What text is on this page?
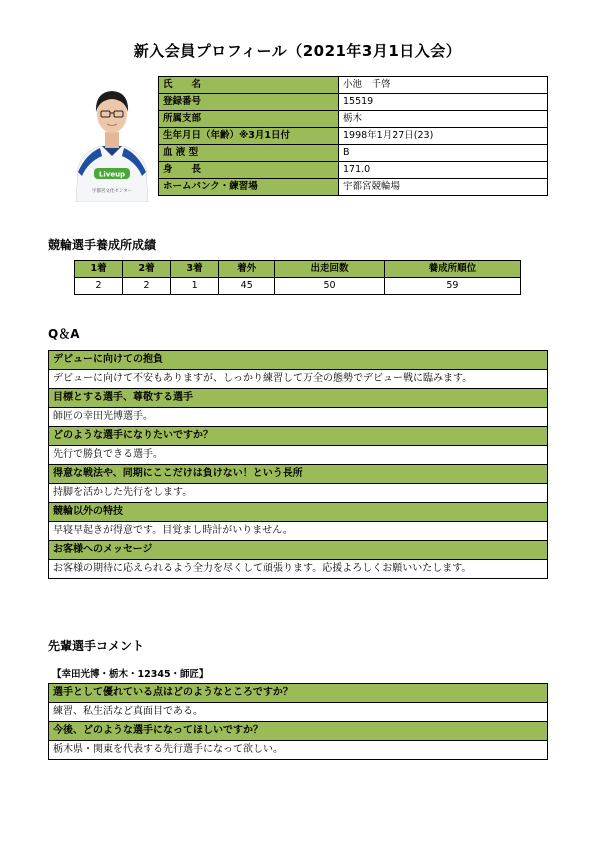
新入会員プロフィール（2021年3月1日入会）
Liveup
宇都宮文化センター
氏　　名	小池　千啓
登録番号	15519
所属支部	栃木
生年月日（年齢）※3月1日付	1998年1月27日(23)
血 液 型	B
身　　長	171.0
ホームバンク・練習場	宇都宮競輪場
競輪選手養成所成績
1着	2着	3着	着外	出走回数	養成所順位
2	2	1	45	50	59
Q＆A
デビューに向けての抱負
デビューに向けて不安もありますが、しっかり練習して万全の態勢でデビュー戦に臨みます。
目標とする選手、尊敬する選手
師匠の幸田光博選手。
どのような選手になりたいですか？
先行で勝負できる選手。
得意な戦法や、同期にここだけは負けない！という長所
持脚を活かした先行をします。
競輪以外の特技
早寝早起きが得意です。目覚まし時計がいりません。
お客様へのメッセージ
お客様の期待に応えられるよう全力を尽くして頑張ります。応援よろしくお願いいたします。
先輩選手コメント
【幸田光博・栃木・12345・師匠】
選手として優れている点はどのようなところですか？
練習、私生活など真面目である。
今後、どのような選手になってほしいですか？
栃木県・関東を代表する先行選手になって欲しい。
